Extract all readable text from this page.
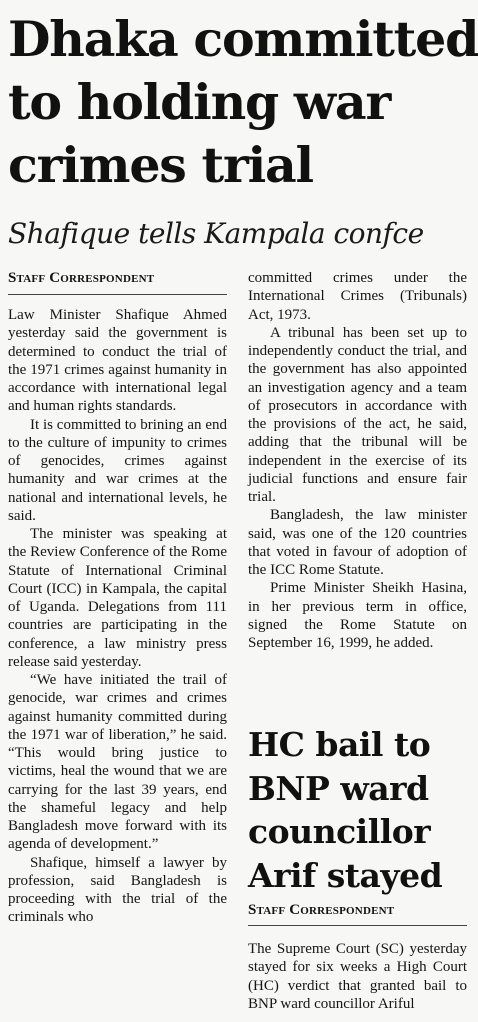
Dhaka committed
to holding war
crimes trial
Shafique tells Kampala confce
Staff Correspondent

Law Minister Shafique Ahmed yesterday said the government is determined to conduct the trial of the 1971 crimes against humanity in accordance with international legal and human rights standards.

It is committed to brining an end to the culture of impunity to crimes of genocides, crimes against humanity and war crimes at the national and international levels, he said.

The minister was speaking at the Review Conference of the Rome Statute of International Criminal Court (ICC) in Kampala, the capital of Uganda. Delegations from 111 countries are participating in the conference, a law ministry press release said yesterday.

“We have initiated the trail of genocide, war crimes and crimes against humanity committed during the 1971 war of liberation,” he said. “This would bring justice to victims, heal the wound that we are carrying for the last 39 years, end the shameful legacy and help Bangladesh move forward with its agenda of development.”

Shafique, himself a lawyer by profession, said Bangladesh is proceeding with the trial of the criminals who

committed crimes under the International Crimes (Tribunals) Act, 1973.

A tribunal has been set up to independently conduct the trial, and the government has also appointed an investigation agency and a team of prosecutors in accordance with the provisions of the act, he said, adding that the tribunal will be independent in the exercise of its judicial functions and ensure fair trial.

Bangladesh, the law minister said, was one of the 120 countries that voted in favour of adoption of the ICC Rome Statute.

Prime Minister Sheikh Hasina, in her previous term in office, signed the Rome Statute on September 16, 1999, he added.

HC bail to
BNP ward
councillor
Arif stayed
Staff Correspondent
The Supreme Court (SC) yesterday stayed for six weeks a High Court (HC) verdict that granted bail to BNP ward councillor Ariful
